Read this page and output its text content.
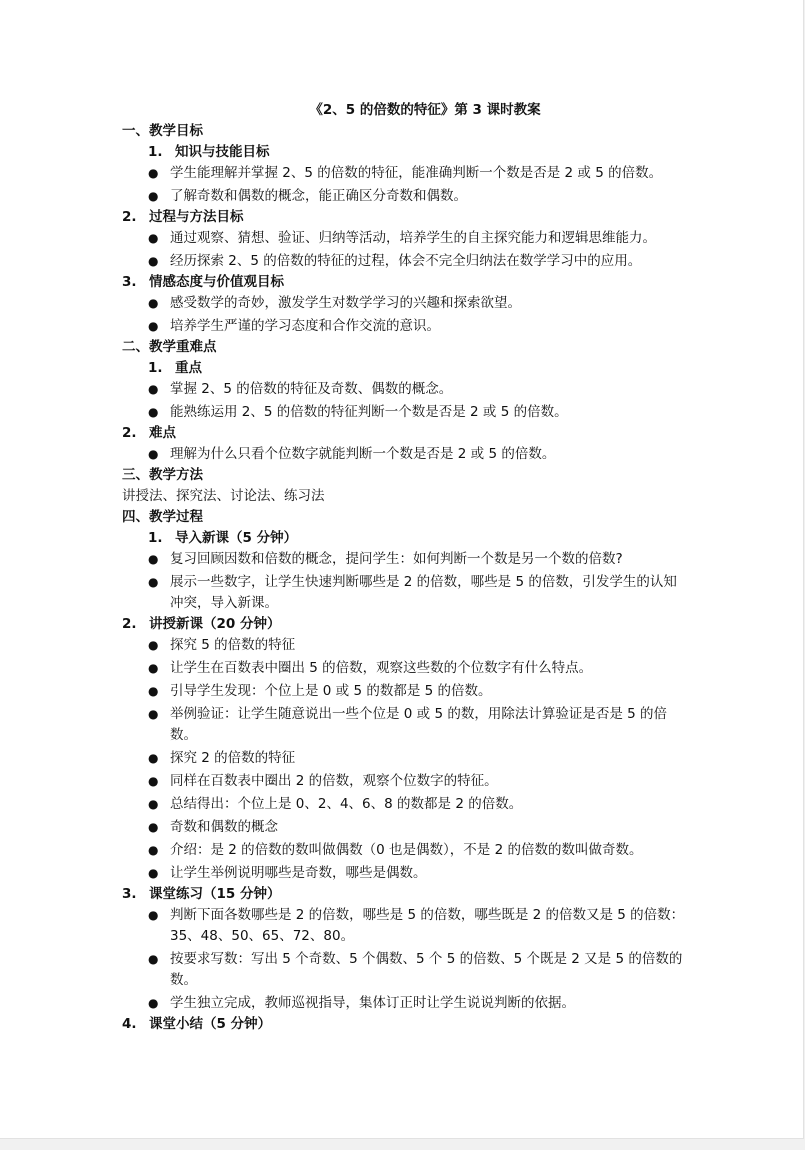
《2、5 的倍数的特征》第 3 课时教案
一、教学目标
1. 知识与技能目标
● 学生能理解并掌握 2、5 的倍数的特征，能准确判断一个数是否是 2 或 5 的倍数。
● 了解奇数和偶数的概念，能正确区分奇数和偶数。
2. 过程与方法目标
● 通过观察、猜想、验证、归纳等活动，培养学生的自主探究能力和逻辑思维能力。
● 经历探索 2、5 的倍数的特征的过程，体会不完全归纳法在数学学习中的应用。
3. 情感态度与价值观目标
● 感受数学的奇妙，激发学生对数学学习的兴趣和探索欲望。
● 培养学生严谨的学习态度和合作交流的意识。
二、教学重难点
1. 重点
● 掌握 2、5 的倍数的特征及奇数、偶数的概念。
● 能熟练运用 2、5 的倍数的特征判断一个数是否是 2 或 5 的倍数。
2. 难点
● 理解为什么只看个位数字就能判断一个数是否是 2 或 5 的倍数。
三、教学方法
讲授法、探究法、讨论法、练习法
四、教学过程
1. 导入新课（5 分钟）
● 复习回顾因数和倍数的概念，提问学生：如何判断一个数是另一个数的倍数?
● 展示一些数字，让学生快速判断哪些是 2 的倍数，哪些是 5 的倍数，引发学生的认知冲突，导入新课。
2. 讲授新课（20 分钟）
● 探究 5 的倍数的特征
● 让学生在百数表中圈出 5 的倍数，观察这些数的个位数字有什么特点。
● 引导学生发现：个位上是 0 或 5 的数都是 5 的倍数。
● 举例验证：让学生随意说出一些个位是 0 或 5 的数，用除法计算验证是否是 5 的倍数。
● 探究 2 的倍数的特征
● 同样在百数表中圈出 2 的倍数，观察个位数字的特征。
● 总结得出：个位上是 0、2、4、6、8 的数都是 2 的倍数。
● 奇数和偶数的概念
● 介绍：是 2 的倍数的数叫做偶数（0 也是偶数），不是 2 的倍数的数叫做奇数。
● 让学生举例说明哪些是奇数，哪些是偶数。
3. 课堂练习（15 分钟）
● 判断下面各数哪些是 2 的倍数，哪些是 5 的倍数，哪些既是 2 的倍数又是 5 的倍数：35、48、50、65、72、80。
● 按要求写数：写出 5 个奇数、5 个偶数、5 个 5 的倍数、5 个既是 2 又是 5 的倍数的数。
● 学生独立完成，教师巡视指导，集体订正时让学生说说判断的依据。
4. 课堂小结（5 分钟）
